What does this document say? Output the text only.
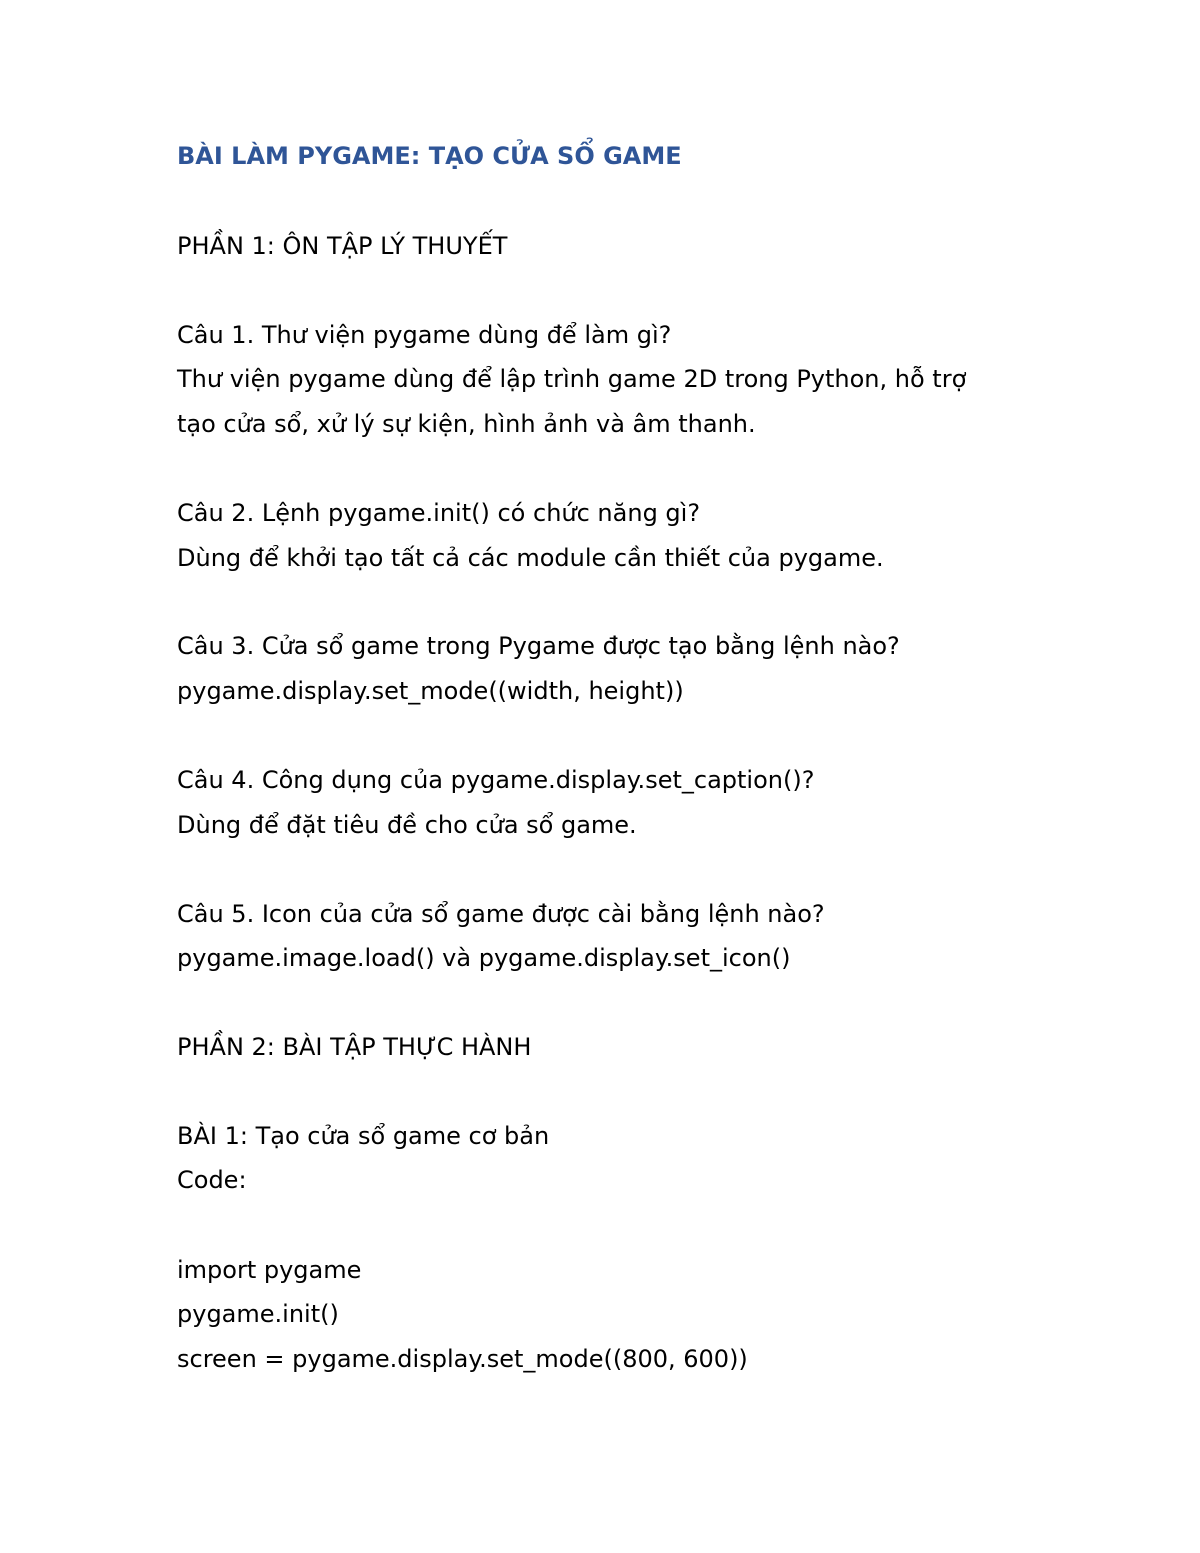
BÀI LÀM PYGAME: TẠO CỬA SỔ GAME
PHẦN 1: ÔN TẬP LÝ THUYẾT
Câu 1. Thư viện pygame dùng để làm gì?
Thư viện pygame dùng để lập trình game 2D trong Python, hỗ trợ
tạo cửa sổ, xử lý sự kiện, hình ảnh và âm thanh.
Câu 2. Lệnh pygame.init() có chức năng gì?
Dùng để khởi tạo tất cả các module cần thiết của pygame.
Câu 3. Cửa sổ game trong Pygame được tạo bằng lệnh nào?
pygame.display.set_mode((width, height))
Câu 4. Công dụng của pygame.display.set_caption()?
Dùng để đặt tiêu đề cho cửa sổ game.
Câu 5. Icon của cửa sổ game được cài bằng lệnh nào?
pygame.image.load() và pygame.display.set_icon()
PHẦN 2: BÀI TẬP THỰC HÀNH
BÀI 1: Tạo cửa sổ game cơ bản
Code:
import pygame
pygame.init()
screen = pygame.display.set_mode((800, 600))
